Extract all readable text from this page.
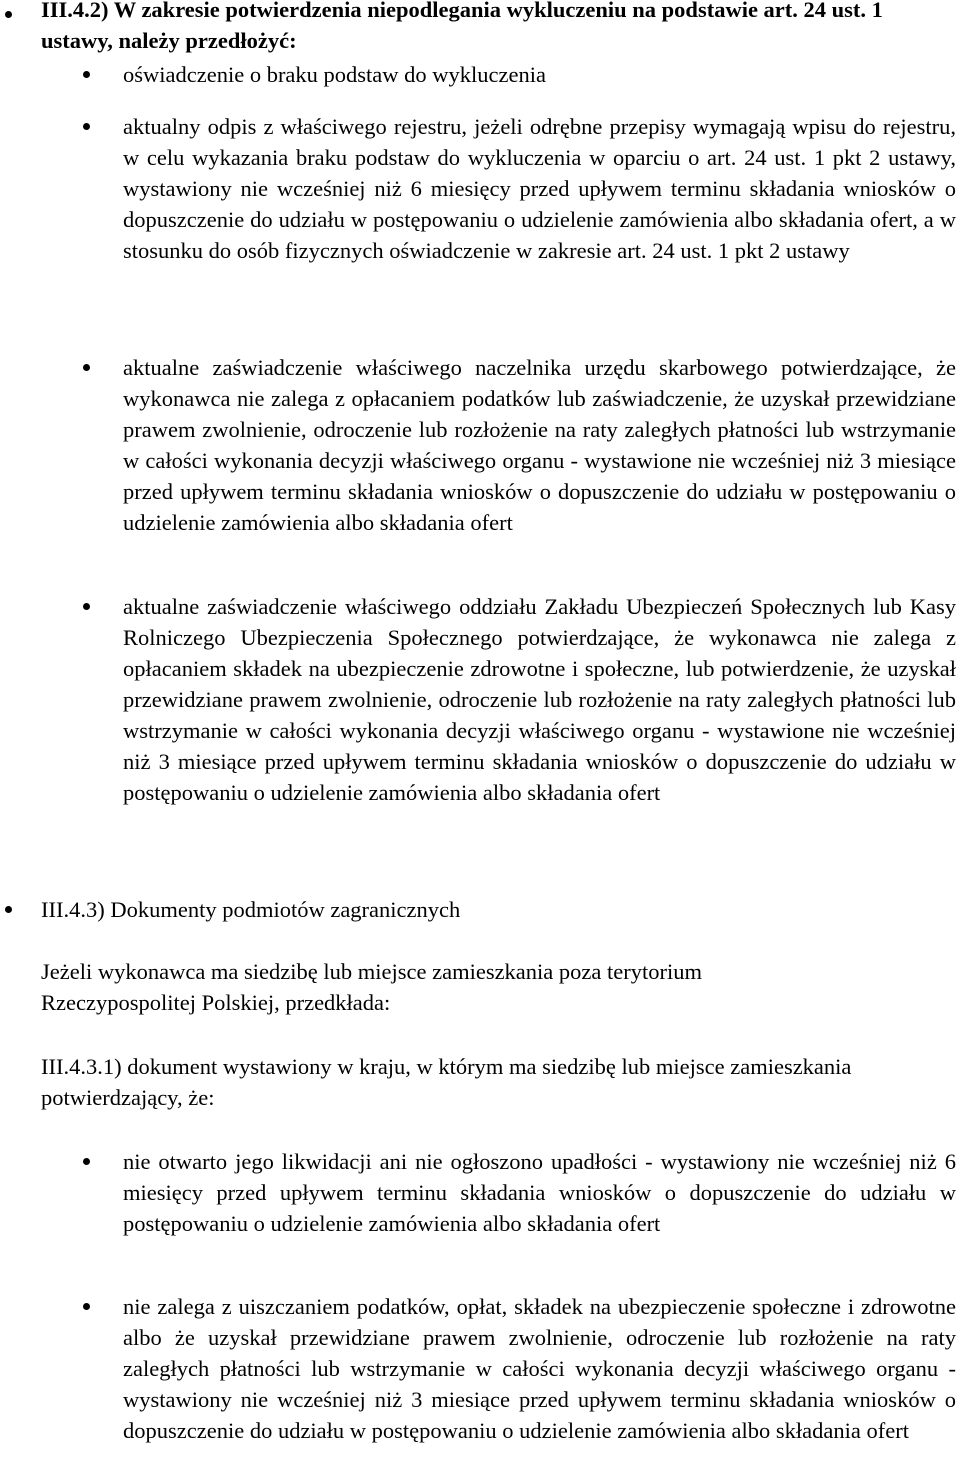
III.4.2) W zakresie potwierdzenia niepodlegania wykluczeniu na podstawie art. 24 ust. 1 ustawy, należy przedłożyć:

oświadczenie o braku podstaw do wykluczenia

aktualny odpis z właściwego rejestru, jeżeli odrębne przepisy wymagają wpisu do rejestru, w celu wykazania braku podstaw do wykluczenia w oparciu o art. 24 ust. 1 pkt 2 ustawy, wystawiony nie wcześniej niż 6 miesięcy przed upływem terminu składania wniosków o dopuszczenie do udziału w postępowaniu o udzielenie zamówienia albo składania ofert, a w stosunku do osób fizycznych oświadczenie w zakresie art. 24 ust. 1 pkt 2 ustawy

aktualne zaświadczenie właściwego naczelnika urzędu skarbowego potwierdzające, że wykonawca nie zalega z opłacaniem podatków lub zaświadczenie, że uzyskał przewidziane prawem zwolnienie, odroczenie lub rozłożenie na raty zaległych płatności lub wstrzymanie w całości wykonania decyzji właściwego organu - wystawione nie wcześniej niż 3 miesiące przed upływem terminu składania wniosków o dopuszczenie do udziału w postępowaniu o udzielenie zamówienia albo składania ofert

aktualne zaświadczenie właściwego oddziału Zakładu Ubezpieczeń Społecznych lub Kasy Rolniczego Ubezpieczenia Społecznego potwierdzające, że wykonawca nie zalega z opłacaniem składek na ubezpieczenie zdrowotne i społeczne, lub potwierdzenie, że uzyskał przewidziane prawem zwolnienie, odroczenie lub rozłożenie na raty zaległych płatności lub wstrzymanie w całości wykonania decyzji właściwego organu - wystawione nie wcześniej niż 3 miesiące przed upływem terminu składania wniosków o dopuszczenie do udziału w postępowaniu o udzielenie zamówienia albo składania ofert

III.4.3) Dokumenty podmiotów zagranicznych

Jeżeli wykonawca ma siedzibę lub miejsce zamieszkania poza terytorium Rzeczypospolitej Polskiej, przedkłada:

III.4.3.1) dokument wystawiony w kraju, w którym ma siedzibę lub miejsce zamieszkania potwierdzający, że:

nie otwarto jego likwidacji ani nie ogłoszono upadłości - wystawiony nie wcześniej niż 6 miesięcy przed upływem terminu składania wniosków o dopuszczenie do udziału w postępowaniu o udzielenie zamówienia albo składania ofert

nie zalega z uiszczaniem podatków, opłat, składek na ubezpieczenie społeczne i zdrowotne albo że uzyskał przewidziane prawem zwolnienie, odroczenie lub rozłożenie na raty zaległych płatności lub wstrzymanie w całości wykonania decyzji właściwego organu - wystawiony nie wcześniej niż 3 miesiące przed upływem terminu składania wniosków o dopuszczenie do udziału w postępowaniu o udzielenie zamówienia albo składania ofert
